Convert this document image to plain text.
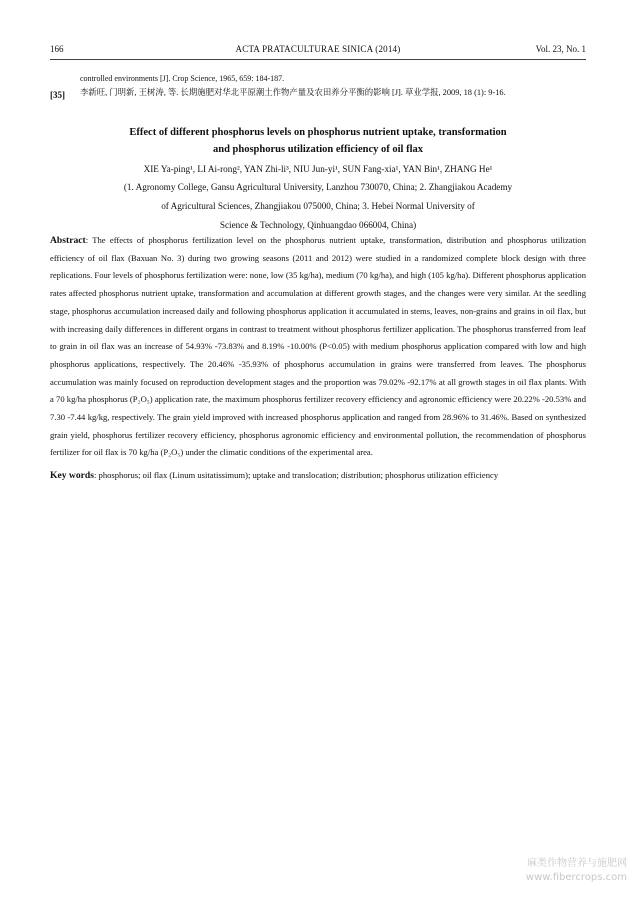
166	ACTA PRATACULTURAE SINICA (2014)	Vol. 23, No. 1
controlled environments [J]. Crop Science, 1965, 659: 184-187.
[35] 李新旺, 门明新, 王树涛, 等. 长期施肥对华北平原潮土作物产量及农田养分平衡的影响 [J]. 草业学报, 2009, 18 (1): 9-16.
Effect of different phosphorus levels on phosphorus nutrient uptake, transformation
and phosphorus utilization efficiency of oil flax
XIE Ya-ping¹, LI Ai-rong², YAN Zhi-li³, NIU Jun-yi¹, SUN Fang-xia¹, YAN Bin¹, ZHANG He¹
(1. Agronomy College, Gansu Agricultural University, Lanzhou 730070, China; 2. Zhangjiakou Academy
of Agricultural Sciences, Zhangjiakou 075000, China; 3. Hebei Normal University of
Science & Technology, Qinhuangdao 066004, China)
Abstract: The effects of phosphorus fertilization level on the phosphorus nutrient uptake, transformation, distribution and phosphorus utilization efficiency of oil flax (Baxuan No. 3) during two growing seasons (2011 and 2012) were studied in a randomized complete block design with three replications. Four levels of phosphorus fertilization were: none, low (35 kg/ha), medium (70 kg/ha), and high (105 kg/ha). Different phosphorus application rates affected phosphorus nutrient uptake, transformation and accumulation at different growth stages, and the changes were very similar. At the seedling stage, phosphorus accumulation increased daily and following phosphorus application it accumulated in stems, leaves, non-grains and grains in oil flax, but with increasing daily differences in different organs in contrast to treatment without phosphorus fertilizer application. The phosphorus transferred from leaf to grain in oil flax was an increase of 54.93% -73.83% and 8.19% -10.00% (P<0.05) with medium phosphorus application compared with low and high phosphorus applications, respectively. The 20.46% -35.93% of phosphorus accumulation in grains were transferred from leaves. The phosphorus accumulation was mainly focused on reproduction development stages and the proportion was 79.02% -92.17% at all growth stages in oil flax plants. With a 70 kg/ha phosphorus (P₂O₅) application rate, the maximum phosphorus fertilizer recovery efficiency and agronomic efficiency were 20.22% -20.53% and 7.30 -7.44 kg/kg, respectively. The grain yield improved with increased phosphorus application and ranged from 28.96% to 31.46%. Based on synthesized grain yield, phosphorus fertilizer recovery efficiency, phosphorus agronomic efficiency and environmental pollution, the recommendation of phosphorus fertilizer for oil flax is 70 kg/ha (P₂O₅) under the climatic conditions of the experimental area.
Key words: phosphorus; oil flax (Linum usitatissimum); uptake and translocation; distribution; phosphorus utilization efficiency
麻类作物营养与施肥网
www.fibercrops.com
